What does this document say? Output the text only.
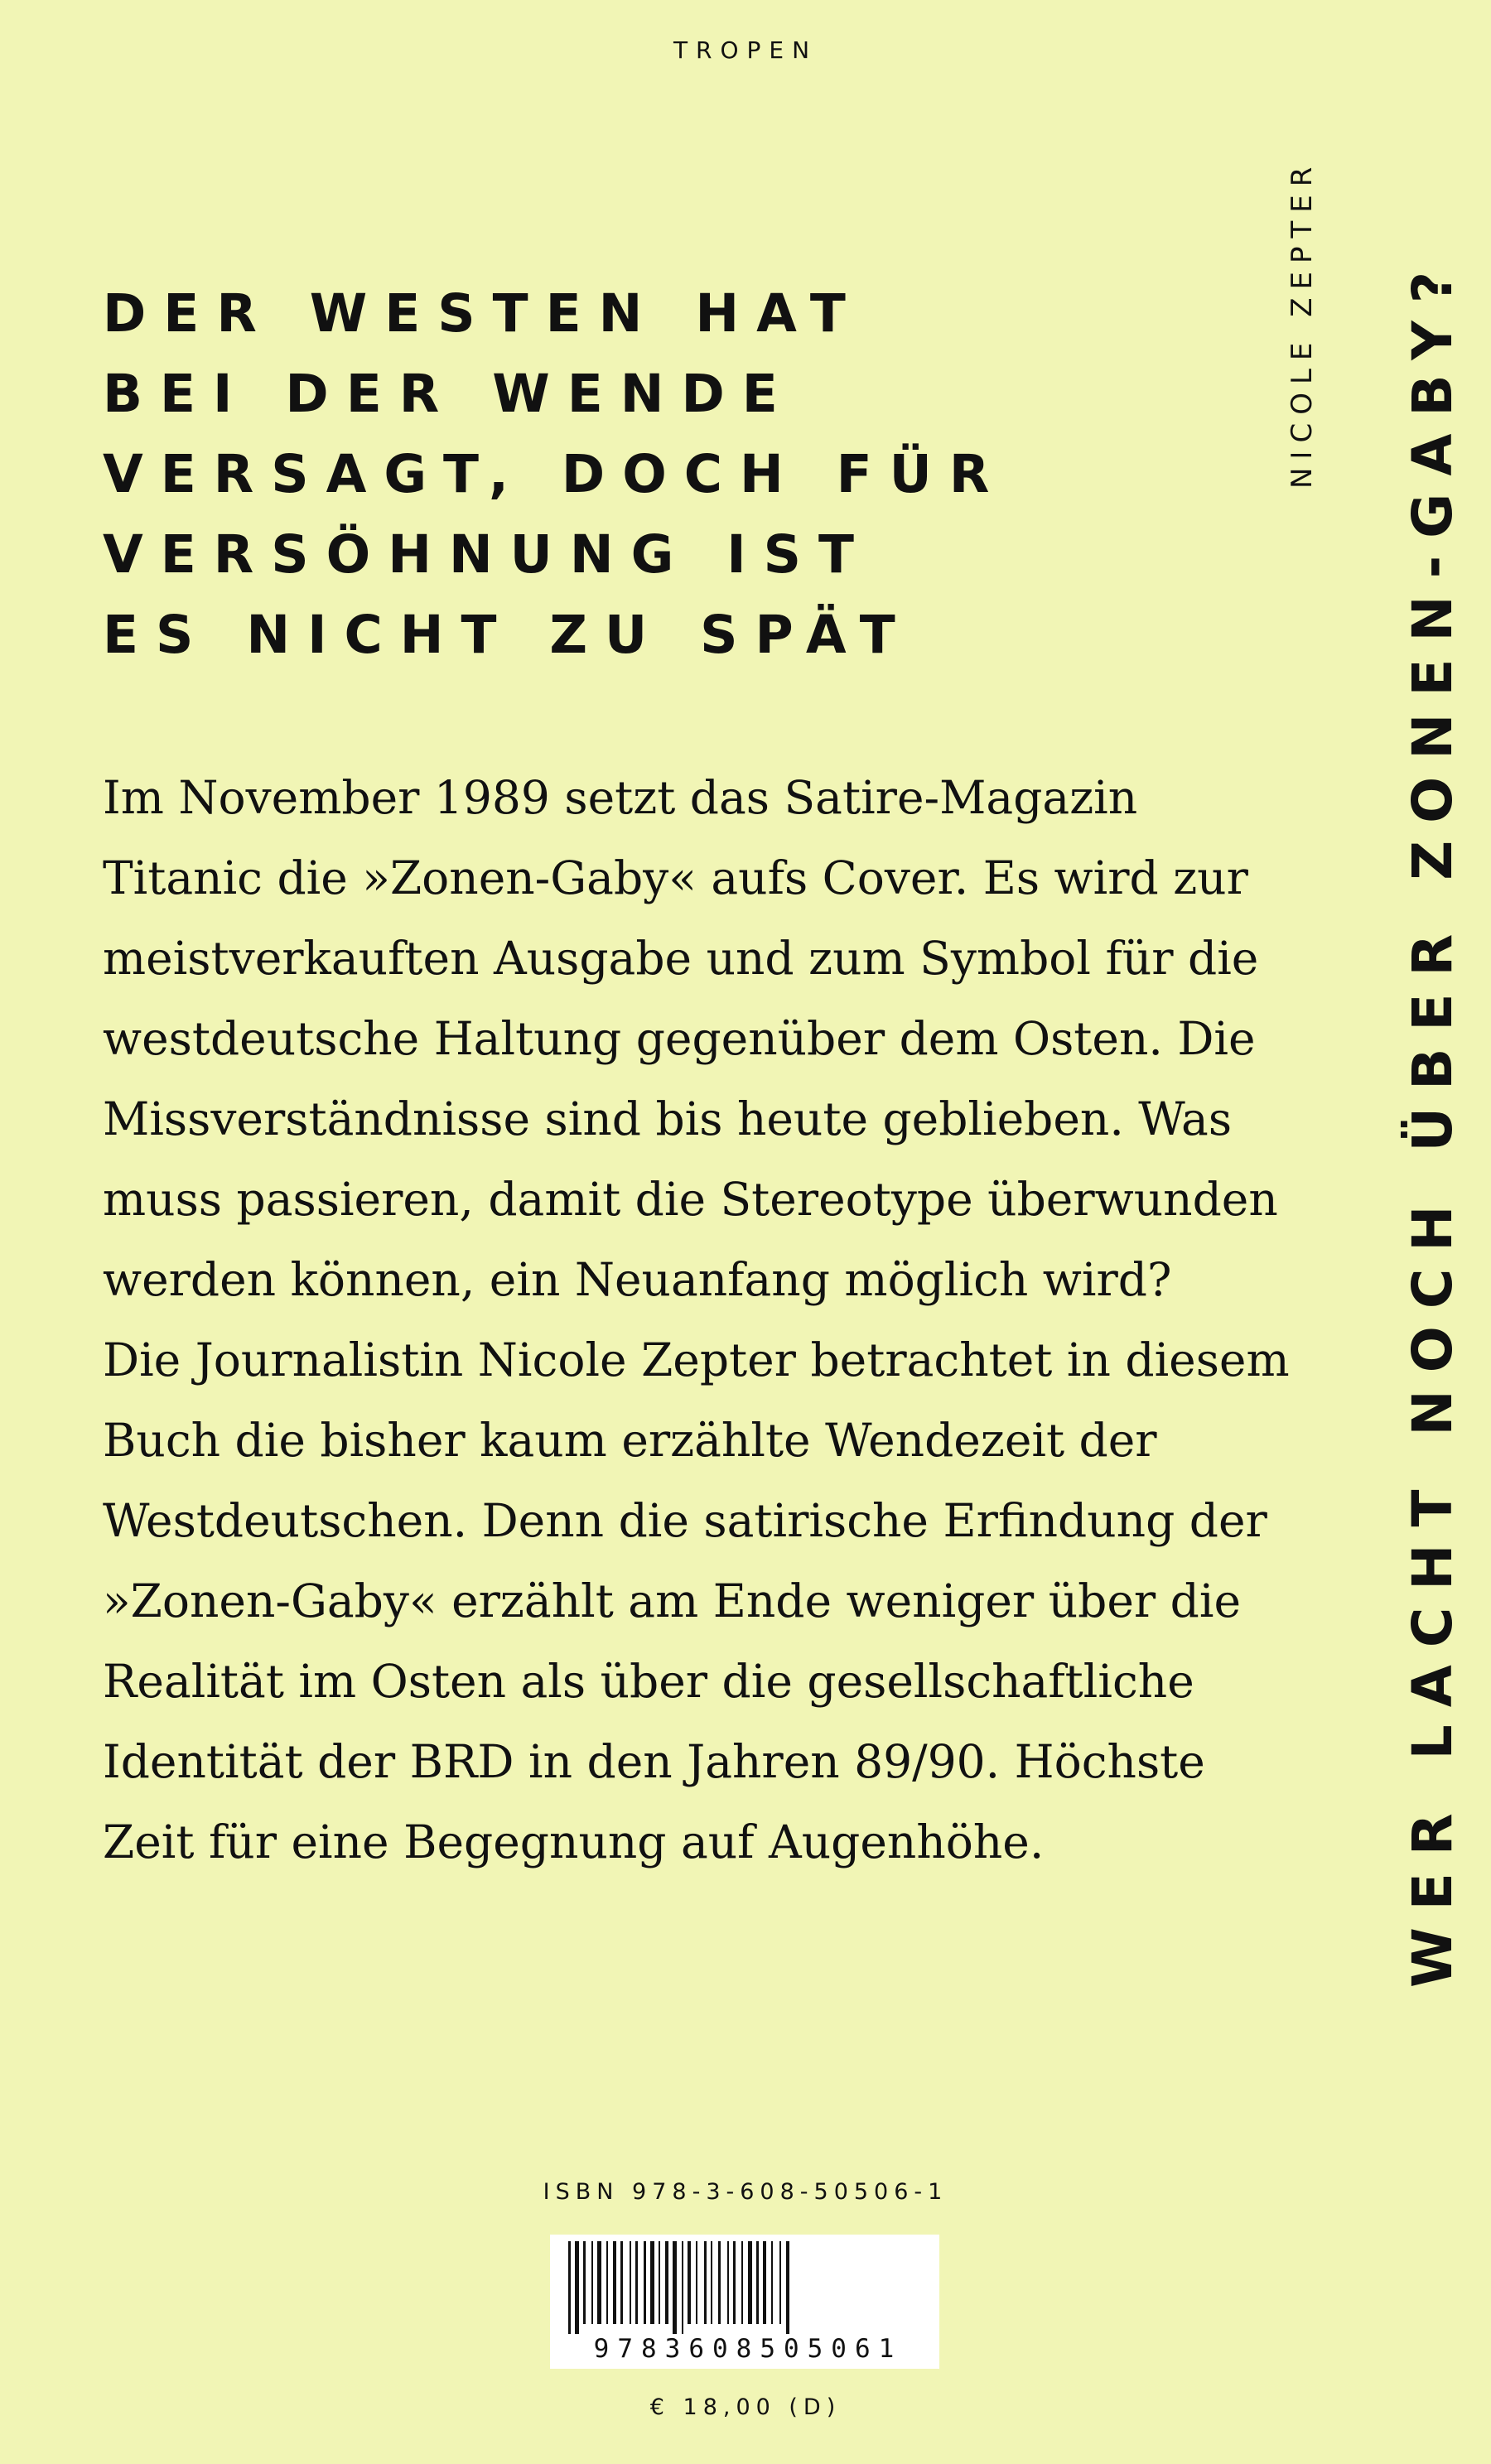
TROPEN
DER WESTEN HAT
BEI DER WENDE
VERSAGT, DOCH FÜR
VERSÖHNUNG IST
ES NICHT ZU SPÄT
Im November 1989 setzt das Satire-Magazin
Titanic die »Zonen-Gaby« aufs Cover. Es wird zur
meistverkauften Ausgabe und zum Symbol für die
westdeutsche Haltung gegenüber dem Osten. Die
Missverständnisse sind bis heute geblieben. Was
muss passieren, damit die Stereotype überwunden
werden können, ein Neuanfang möglich wird?
Die Journalistin Nicole Zepter betrachtet in diesem
Buch die bisher kaum erzählte Wendezeit der
Westdeutschen. Denn die satirische Erfindung der
»Zonen-Gaby« erzählt am Ende weniger über die
Realität im Osten als über die gesellschaftliche
Identität der BRD in den Jahren 89/90. Höchste
Zeit für eine Begegnung auf Augenhöhe.	WER LACHT NOCH ÜBER ZONEN-GABY?
NICOLE ZEPTER
ISBN 978-3-608-50506-1
9783608505061
€ 18,00 (D)
